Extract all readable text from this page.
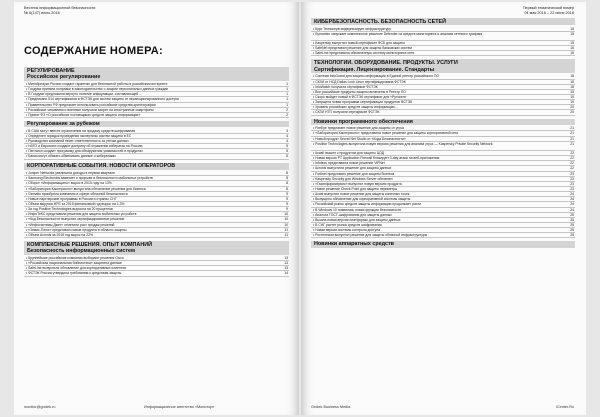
Вестник информационной безопасности
№ 6(147) июнь 2016
СОДЕРЖАНИЕ НОМЕРА:
РЕГУЛИРОВАНИЕ
Российское регулирование
• Минобрнауки России создаст гарантию для безопасной работы в российском интернете	1
• Госдума приняла поправки в законодательство о защите персональных данных граждан	1
• В Госдуме предложили вернуть понятие информации, составляющей ...	1
• Предписано 514 сертификатов в ФСТЭК для систем защиты от несанкционированного доступа	1
• Правительство РФ предлагает использовать российские средства криптографии	1
• Российские чиновники и военные получили запрет на иностранные смартфоны	2
• Принят ФЗ «О российских поставщиках средств защиты информации»	2
Регулирование за рубежом
• В США могут ввести ограничения на продажу средств шифрования	3
• Определен порядок проведения экспертизы систем защиты в ЕС	4
• Руководство компаний несет ответственность за утечки данных	4
• НАТО и Евросоюз создают доктрину об отражении кибератак на Россию	5
• Пентагон создает программу для обнаружения уязвимостей в продуктах	5
• Банки могут обязать обменивать данные о кибератаках	5
КОРПОРАТИВНЫЕ СОБЫТИЯ. НОВОСТИ ОПЕРАТОРОВ
• Juniper Networks увеличила доходы в первом квартале	8
• Samsung Electronics заявляет о прорыве в безопасности мобильных устройств	8
• Оборот «Информзащиты» вырос в 2015 году на 13%	8
• «Лаборатория Касперского» выпустила обновление решения для бизнеса	8
• Gemalto приобрела компанию в сфере облачной безопасности	9
• Новые партнерские программы в России и странах СНГ	9
• Объем выручки HPE за 2015 финансовый год вырос на 1,3%	9
• За год Positive Technologies выросла на 20 процентов	9
• ИнфоТеКС представила решения для защиты мобильных устройств	10
• «Код Безопасности» выпустил сертифицированное решение	10
• «Инфосистемы Джет» отметили рост продаж решений	10
• «Элвис-Плюс» представил новые продукты в области защиты	11
• Объем Acronis за 2015 год вырос на 22%	11
КОМПЛЕКСНЫЕ РЕШЕНИЯ. ОПЫТ КОМПАНИЙ
Безопасность информационных систем
• Крупнейшие российские компании выбирают решения Cisco	13
• «Российская национальная библиотека» защитила данные	13
• SafeLine выпустила обновление для корпоративных клиентов	13
• ФСТЭК России утвердила требования к средствам защиты	14
monitor@grotek.ru	Информационное агентство «Монитор»
Первый тематический номер
04 мая 2016 – 22 июня 2016
КИБЕРБЕЗОПАСНОСТЬ. БЕЗОПАСНОСТЬ СЕТЕЙ
• Курс Техносерв модернизирует инфраструктуру	15
• Symantec запускает комплексное решение Defender из средств мониторинга и анализа сетевого трафика	15
• Kaspersky выпустил новый сертификат ФСБ для защиты	15
• SafeNet представил решение для защиты банковских систем	16
• SafeLine представила обновленную систему мониторинга сети	16
ТЕХНОЛОГИИ. ОБОРУДОВАНИЕ. ПРОДУКТЫ. УСЛУГИ
Сертификация. Лицензирование. Стандарты
• Система InfoGuard для защиты информации в Единой реестр российского ПО	18
• СКЗИ от НСД Dallas Lock Linux сертифицирована ФСТЭК	18
• InfoWatch получила сертификат ФСТЭК	18
• Все российские продукты защиты включены в Реестр ПО	19
• Скоро выйдет новый в ФСТЭК сертификат для «Рутокен»	19
• Запущена новая программа сертификации продуктов ФСТЭК	19
• Уровень российских средств защиты информации ...	20
• СКЗИ НТП получили сертификат ФСТЭК	20
Новинки программного обеспечения
• FireEye предлагает новое решение для защиты от угроз	21
• «Лаборатория Касперского» представила новое решение для защиты корпоративной сети	21
• Новый продукт Secret Net Studio от «Кода Безопасности»	21
• Positive Technologies выпустила новую версию решения для анализа угроз — Kaspersky Private Security Network	21
• Avast! вышел с продуктом для защиты ЦОД	22
• Новая версия PT Application Firewall блокирует 0-day атаки на веб-приложения	22
• Infotecs представила новое решение ViPNet	22
• Acronis выпустила решение для защиты данных	22
• Fortinet представил решение для защиты бизнеса	23
• Kaspersky Security для Windows Server обновлен	23
• «Газинформсервис» выпустил новую версию продукта	23
• Новое решение Check Point для защиты периметра	23
• Avast выпустил новое решение для защиты конечных точек	24
• Выпущено обновление для корпоративной системы защиты	24
• Российский рынок средств защиты информации продолжает расти	24
• В Windows 10 появилась новая функция безопасности	24
• Аналоги ГОСТ-шифрования для защиты данных	25
• Вышла новая версия платформы для защиты данных	25
• В СНГ растет рынок средств шифрования	25
• Новая версия системы контроля доступа	25
• Ростелеком выпустил решение для защиты облачной инфраструктуры	25
Новинки аппаратных средств
Grotek Business Media	iCenter.Ru
